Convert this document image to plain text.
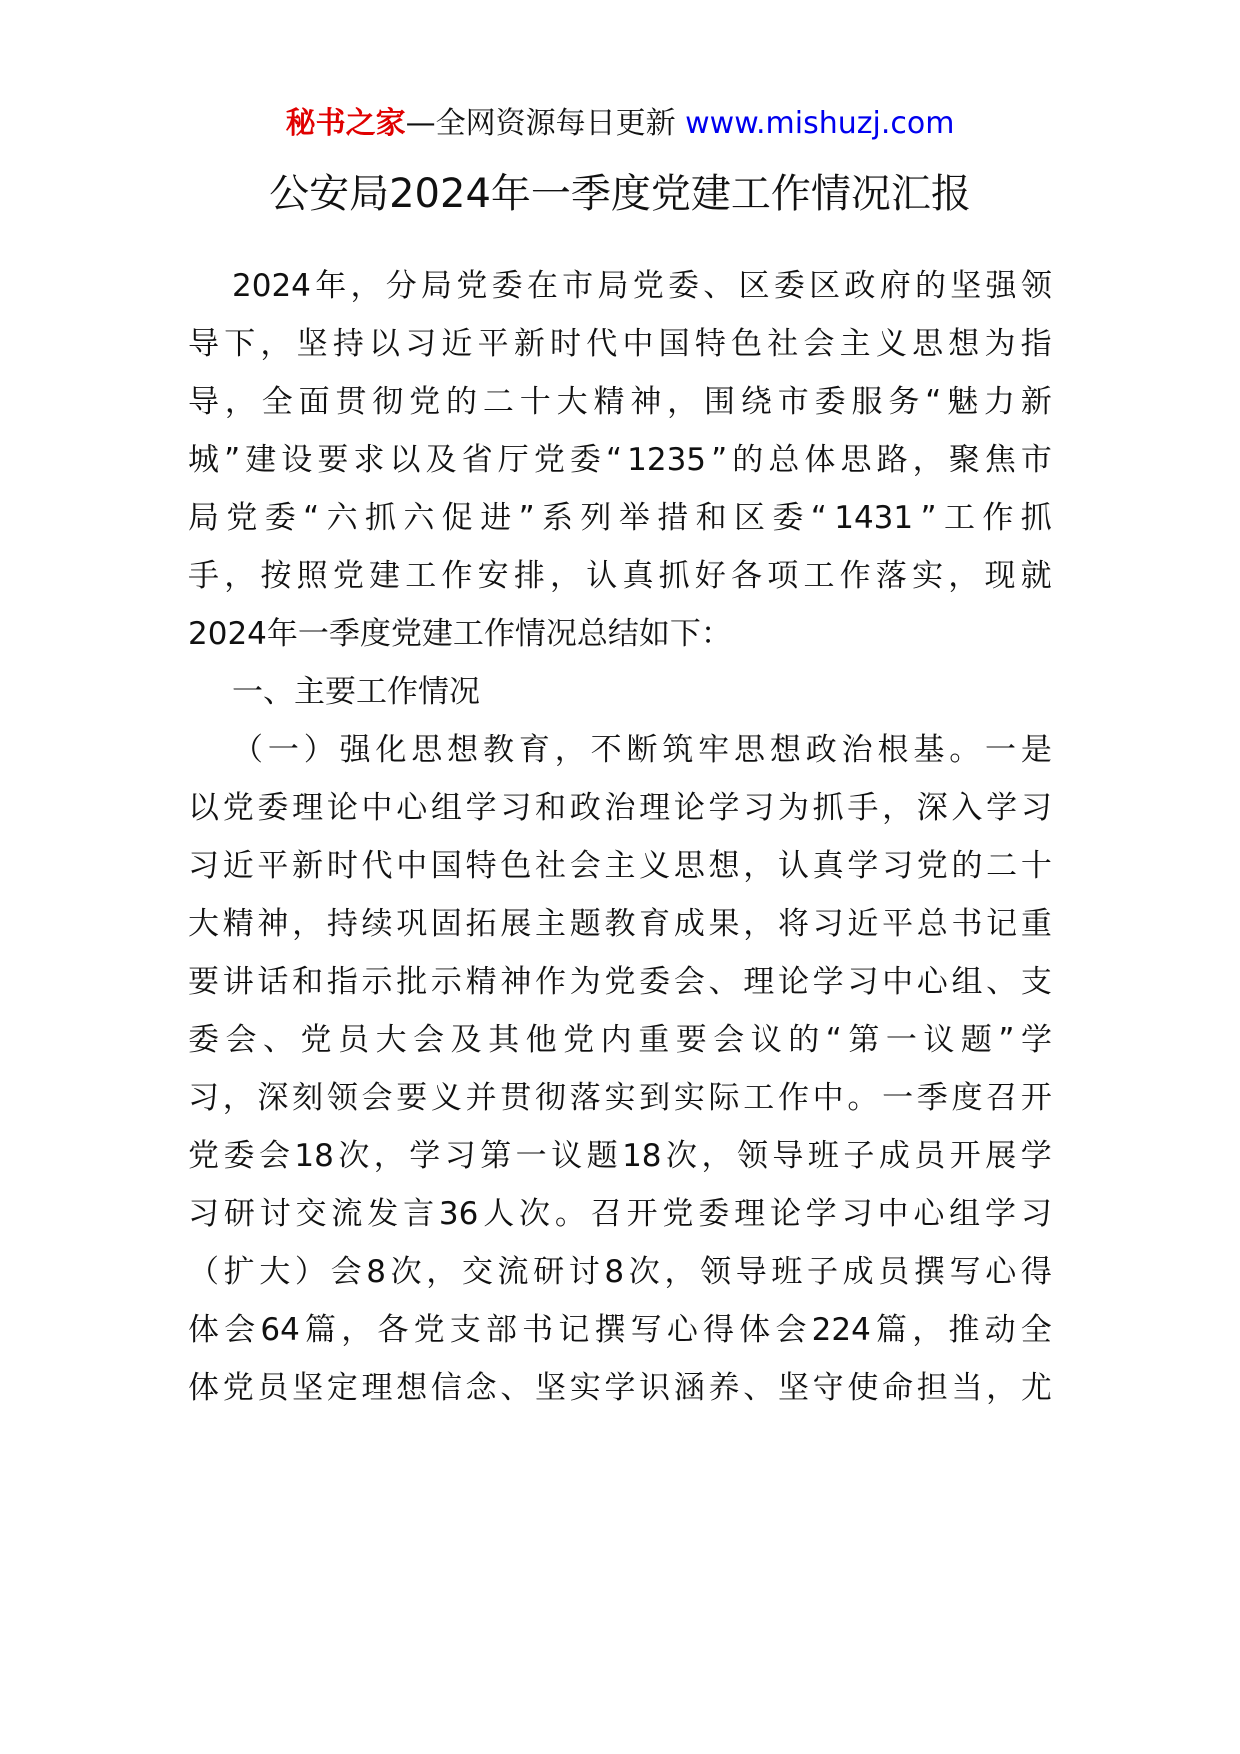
秘书之家—全网资源每日更新 www.mishuzj.com
公安局2024年一季度党建工作情况汇报
2024 年 ， 分 局 党 委 在 市 局 党 委 、 区 委 区 政 府 的 坚 强 领
导 下 ， 坚 持 以 习 近 平 新 时 代 中 国 特 色 社 会 主 义 思 想 为 指
导 ， 全 面 贯 彻 党 的 二 十 大 精 神 ， 围 绕 市 委 服 务 “ 魅 力 新
城 ” 建 设 要 求 以 及 省 厅 党 委 “ 1235 ” 的 总 体 思 路 ， 聚 焦 市
局 党 委 “ 六 抓 六 促 进 ” 系 列 举 措 和 区 委 “ 1431 ” 工 作 抓
手 ， 按 照 党 建 工 作 安 排 ， 认 真 抓 好 各 项 工 作 落 实 ， 现 就
2024年一季度党建工作情况总结如下：
一、主要工作情况
（ 一 ） 强 化 思 想 教 育 ， 不 断 筑 牢 思 想 政 治 根 基 。 一 是
以 党 委 理 论 中 心 组 学 习 和 政 治 理 论 学 习 为 抓 手 ， 深 入 学 习
习 近 平 新 时 代 中 国 特 色 社 会 主 义 思 想 ， 认 真 学 习 党 的 二 十
大 精 神 ， 持 续 巩 固 拓 展 主 题 教 育 成 果 ， 将 习 近 平 总 书 记 重
要 讲 话 和 指 示 批 示 精 神 作 为 党 委 会 、 理 论 学 习 中 心 组 、 支
委 会 、 党 员 大 会 及 其 他 党 内 重 要 会 议 的 “ 第 一 议 题 ” 学
习 ， 深 刻 领 会 要 义 并 贯 彻 落 实 到 实 际 工 作 中 。 一 季 度 召 开
党 委 会 18 次 ， 学 习 第 一 议 题 18 次 ， 领 导 班 子 成 员 开 展 学
习 研 讨 交 流 发 言 36 人 次 。 召 开 党 委 理 论 学 习 中 心 组 学 习
（ 扩 大 ） 会 8 次 ， 交 流 研 讨 8 次 ， 领 导 班 子 成 员 撰 写 心 得
体 会 64 篇 ， 各 党 支 部 书 记 撰 写 心 得 体 会 224 篇 ， 推 动 全
体 党 员 坚 定 理 想 信 念 、 坚 实 学 识 涵 养 、 坚 守 使 命 担 当 ， 尤
